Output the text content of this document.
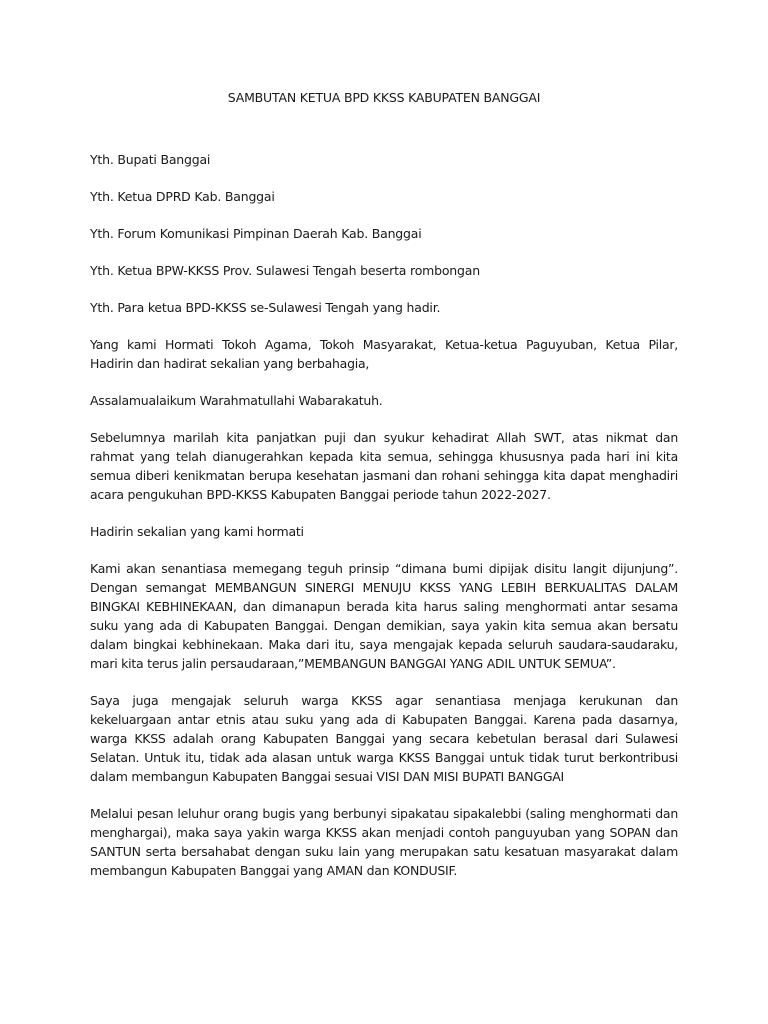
SAMBUTAN KETUA BPD KKSS KABUPATEN BANGGAI
Yth. Bupati Banggai
Yth. Ketua DPRD Kab. Banggai
Yth. Forum Komunikasi Pimpinan Daerah Kab. Banggai
Yth. Ketua BPW-KKSS Prov. Sulawesi Tengah beserta rombongan
Yth. Para ketua BPD-KKSS se-Sulawesi Tengah yang hadir.
Yang kami Hormati Tokoh Agama, Tokoh Masyarakat, Ketua-ketua Paguyuban, Ketua Pilar,
Hadirin dan hadirat sekalian yang berbahagia,
Assalamualaikum Warahmatullahi Wabarakatuh.
Sebelumnya marilah kita panjatkan puji dan syukur kehadirat Allah SWT, atas nikmat dan
rahmat yang telah dianugerahkan kepada kita semua, sehingga khususnya pada hari ini kita
semua diberi kenikmatan berupa kesehatan jasmani dan rohani sehingga kita dapat menghadiri
acara pengukuhan BPD-KKSS Kabupaten Banggai periode tahun 2022-2027.
Hadirin sekalian yang kami hormati
Kami akan senantiasa memegang teguh prinsip “dimana bumi dipijak disitu langit dijunjung”.
Dengan semangat MEMBANGUN SINERGI MENUJU KKSS YANG LEBIH BERKUALITAS DALAM
BINGKAI KEBHINEKAAN, dan dimanapun berada kita harus saling menghormati antar sesama
suku yang ada di Kabupaten Banggai. Dengan demikian, saya yakin kita semua akan bersatu
dalam bingkai kebhinekaan. Maka dari itu, saya mengajak kepada seluruh saudara-saudaraku,
mari kita terus jalin persaudaraan,”MEMBANGUN BANGGAI YANG ADIL UNTUK SEMUA”.
Saya juga mengajak seluruh warga KKSS agar senantiasa menjaga kerukunan dan
kekeluargaan antar etnis atau suku yang ada di Kabupaten Banggai. Karena pada dasarnya,
warga KKSS adalah orang Kabupaten Banggai yang secara kebetulan berasal dari Sulawesi
Selatan. Untuk itu, tidak ada alasan untuk warga KKSS Banggai untuk tidak turut berkontribusi
dalam membangun Kabupaten Banggai sesuai VISI DAN MISI BUPATI BANGGAI
Melalui pesan leluhur orang bugis yang berbunyi sipakatau sipakalebbi (saling menghormati dan
menghargai), maka saya yakin warga KKSS akan menjadi contoh panguyuban yang SOPAN dan
SANTUN serta bersahabat dengan suku lain yang merupakan satu kesatuan masyarakat dalam
membangun Kabupaten Banggai yang AMAN dan KONDUSIF.
